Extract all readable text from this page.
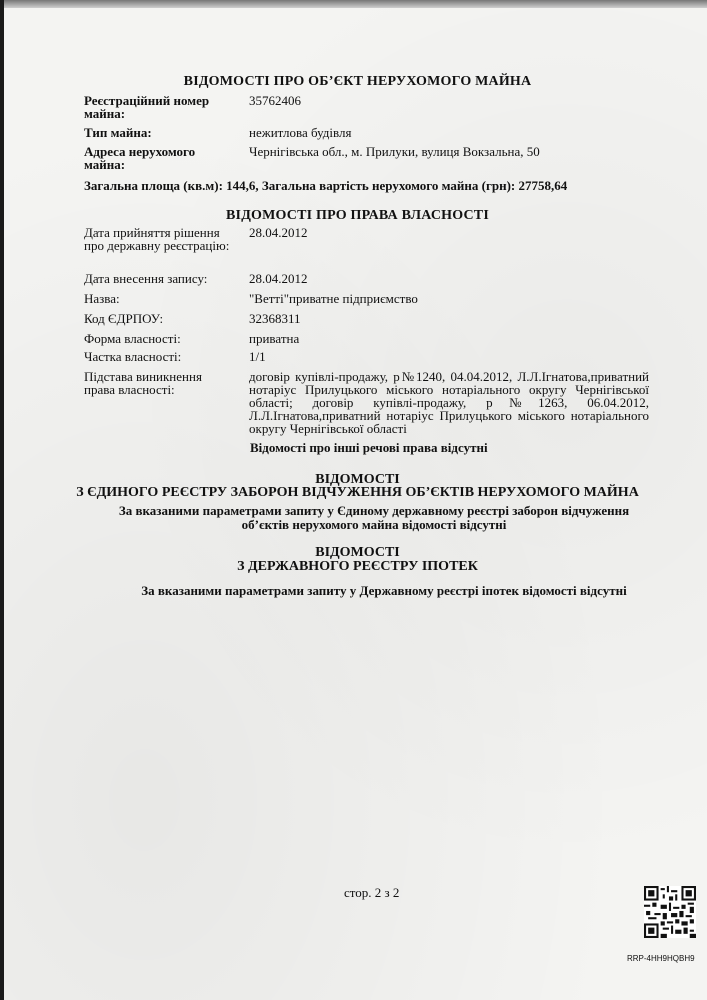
ВІДОМОСТІ ПРО ОБ’ЄКТ НЕРУХОМОГО МАЙНА
Реєстраційний номер майна:
35762406
Тип майна:	нежитлова будівля
Адреса нерухомого майна:
Чернігівська обл., м. Прилуки, вулиця Вокзальна, 50
Загальна площа (кв.м): 144,6, Загальна вартість нерухомого майна (грн): 27758,64
ВІДОМОСТІ ПРО ПРАВА ВЛАСНОСТІ
Дата прийняття рішення про державну реєстрацію:
28.04.2012
Дата внесення запису:	28.04.2012
Назва:	"Ветті"приватне підприємство
Код ЄДРПОУ:	32368311
Форма власності:	приватна
Частка власності:	1/1
Підстава виникнення права власності:
договір купівлі-продажу, р№1240, 04.04.2012, Л.Л.Ігнатова,приватний нотаріус Прилуцького міського нотаріального округу Чернігівської області; договір купівлі-продажу, р№1263, 06.04.2012, Л.Л.Ігнатова,приватний нотаріус Прилуцького міського нотаріального округу Чернігівської області
Відомості про інші речові права відсутні
ВІДОМОСТІ
З ЄДИНОГО РЕЄСТРУ ЗАБОРОН ВІДЧУЖЕННЯ ОБ’ЄКТІВ НЕРУХОМОГО МАЙНА
За вказаними параметрами запиту у Єдиному державному реєстрі заборон відчуження об’єктів нерухомого майна відомості відсутні
ВІДОМОСТІ
З ДЕРЖАВНОГО РЕЄСТРУ ІПОТЕК
За вказаними параметрами запиту у Державному реєстрі іпотек відомості відсутні
стор. 2 з 2
RRP-4HH9HQBH9
